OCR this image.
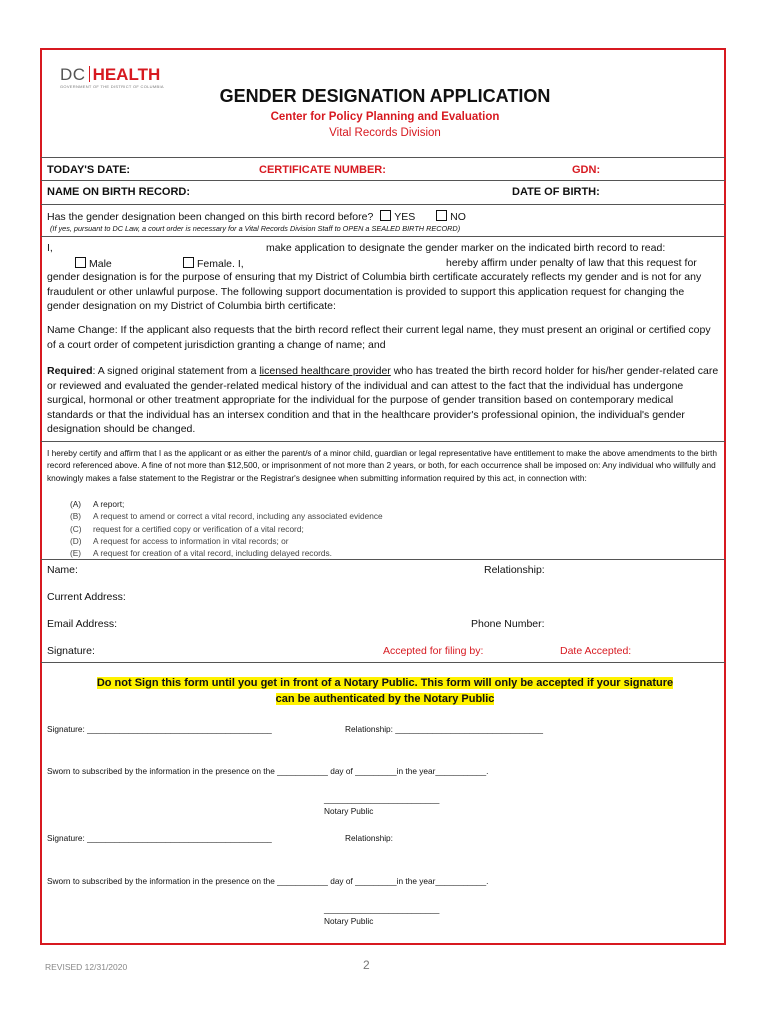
DC HEALTH
GOVERNMENT OF THE DISTRICT OF COLUMBIA	GENDER DESIGNATION APPLICATION
Center for Policy Planning and Evaluation
Vital Records Division
TODAY'S DATE:	CERTIFICATE NUMBER:	GDN:
NAME ON BIRTH RECORD:	DATE OF BIRTH:
Has the gender designation been changed on this birth record before? YES	NO
(If yes, pursuant to DC Law, a court order is necessary for a Vital Records Division Staff to OPEN a SEALED BIRTH RECORD)
I,	make application to designate the gender marker on the indicated birth record to read:
Male	Female. I,	hereby affirm under penalty of law that this request for
gender designation is for the purpose of ensuring that my District of Columbia birth certificate accurately reflects my gender and is not for any fraudulent or other unlawful purpose. The following support documentation is provided to support this application request for changing the gender designation on my District of Columbia birth certificate:
Name Change: If the applicant also requests that the birth record reflect their current legal name, they must present an original or certified copy of a court order of competent jurisdiction granting a change of name; and
Required: A signed original statement from a licensed healthcare provider who has treated the birth record holder for his/her gender-related care or reviewed and evaluated the gender-related medical history of the individual and can attest to the fact that the individual has undergone surgical, hormonal or other treatment appropriate for the individual for the purpose of gender transition based on contemporary medical standards or that the individual has an intersex condition and that in the healthcare provider's professional opinion, the individual's gender designation should be changed.
I hereby certify and affirm that I as the applicant or as either the parent/s of a minor child, guardian or legal representative have entitlement to make the above amendments to the birth record referenced above. A fine of not more than $12,500, or imprisonment of not more than 2 years, or both, for each occurrence shall be imposed on: Any individual who willfully and knowingly makes a false statement to the Registrar or the Registrar's designee when submitting information required by this act, in connection with:
(A) A report;
(B) A request to amend or correct a vital record, including any associated evidence
(C) request for a certified copy or verification of a vital record;
(D) A request for access to information in vital records; or
(E) A request for creation of a vital record, including delayed records.
Name:	Relationship:
Current Address:
Email Address:	Phone Number:
Signature:	Accepted for filing by:	Date Accepted:
Do not Sign this form until you get in front of a Notary Public. This form will only be accepted if your signature
can be authenticated by the Notary Public
Signature: ________________________________________	Relationship: ________________________________
Sworn to subscribed by the information in the presence on the ___________ day of _________in the year___________.
_________________________
Notary Public
Signature: ________________________________________	Relationship:
Sworn to subscribed by the information in the presence on the ___________ day of _________in the year___________.
_________________________
Notary Public
REVISED 12/31/2020	2
